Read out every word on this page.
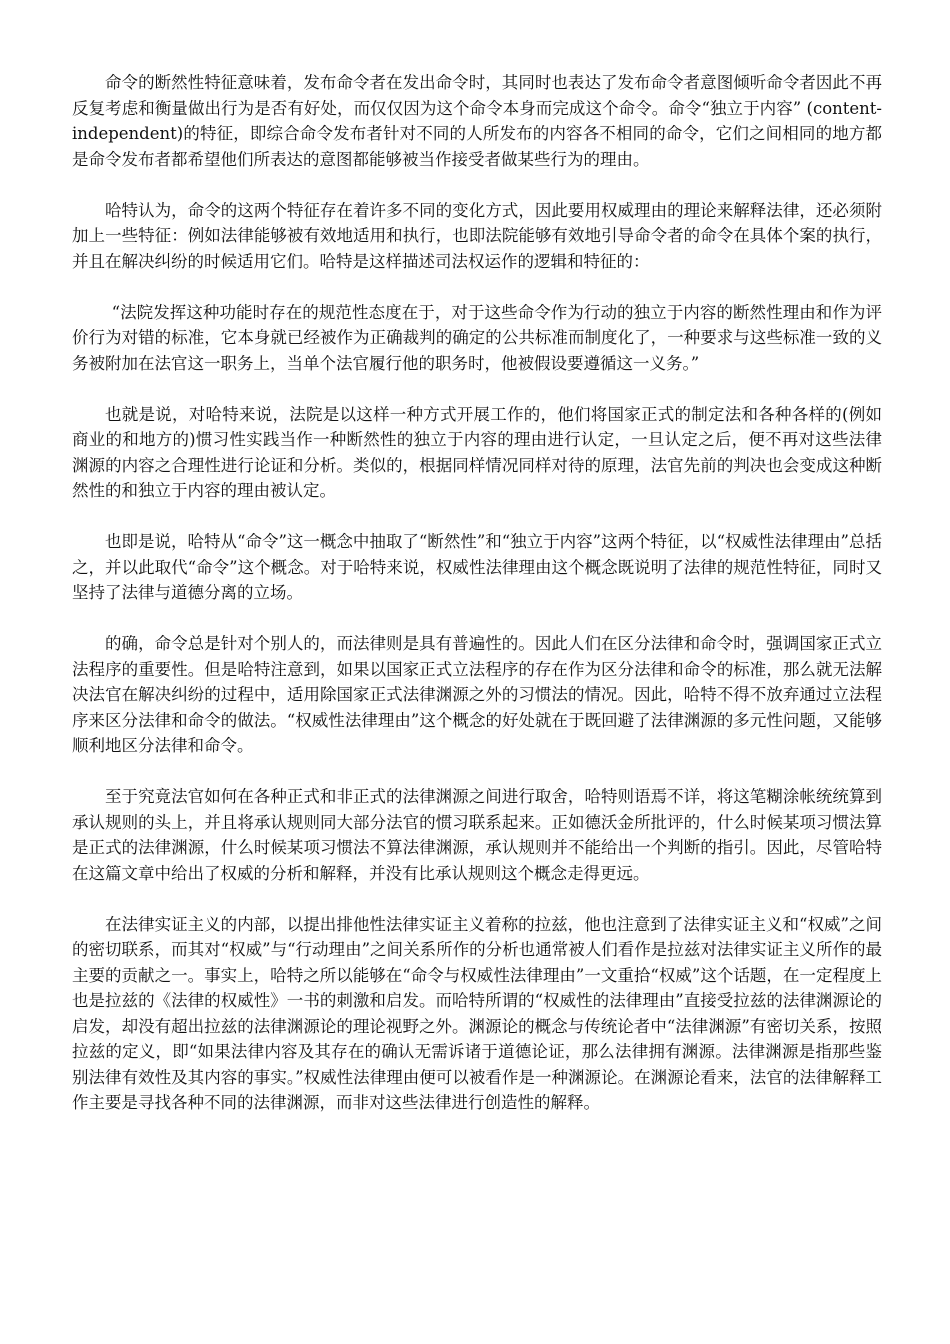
命令的断然性特征意味着，发布命令者在发出命令时，其同时也表达了发布命令者意图倾听命令者因此不再反复考虑和衡量做出行为是否有好处，而仅仅因为这个命令本身而完成这个命令。命令“独立于内容” (content-independent)的特征，即综合命令发布者针对不同的人所发布的内容各不相同的命令，它们之间相同的地方都是命令发布者都希望他们所表达的意图都能够被当作接受者做某些行为的理由。

哈特认为，命令的这两个特征存在着许多不同的变化方式，因此要用权威理由的理论来解释法律，还必须附加上一些特征：例如法律能够被有效地适用和执行，也即法院能够有效地引导命令者的命令在具体个案的执行，并且在解决纠纷的时候适用它们。哈特是这样描述司法权运作的逻辑和特征的：

“法院发挥这种功能时存在的规范性态度在于，对于这些命令作为行动的独立于内容的断然性理由和作为评价行为对错的标准，它本身就已经被作为正确裁判的确定的公共标准而制度化了，一种要求与这些标准一致的义务被附加在法官这一职务上，当单个法官履行他的职务时，他被假设要遵循这一义务。”

也就是说，对哈特来说，法院是以这样一种方式开展工作的，他们将国家正式的制定法和各种各样的(例如商业的和地方的)惯习性实践当作一种断然性的独立于内容的理由进行认定，一旦认定之后，便不再对这些法律渊源的内容之合理性进行论证和分析。类似的，根据同样情况同样对待的原理，法官先前的判决也会变成这种断然性的和独立于内容的理由被认定。

也即是说，哈特从“命令”这一概念中抽取了“断然性”和“独立于内容”这两个特征，以“权威性法律理由”总括之，并以此取代“命令”这个概念。对于哈特来说，权威性法律理由这个概念既说明了法律的规范性特征，同时又坚持了法律与道德分离的立场。

的确，命令总是针对个别人的，而法律则是具有普遍性的。因此人们在区分法律和命令时，强调国家正式立法程序的重要性。但是哈特注意到，如果以国家正式立法程序的存在作为区分法律和命令的标准，那么就无法解决法官在解决纠纷的过程中，适用除国家正式法律渊源之外的习惯法的情况。因此，哈特不得不放弃通过立法程序来区分法律和命令的做法。“权威性法律理由”这个概念的好处就在于既回避了法律渊源的多元性问题，又能够顺利地区分法律和命令。

至于究竟法官如何在各种正式和非正式的法律渊源之间进行取舍，哈特则语焉不详，将这笔糊涂帐统统算到承认规则的头上，并且将承认规则同大部分法官的惯习联系起来。正如德沃金所批评的，什么时候某项习惯法算是正式的法律渊源，什么时候某项习惯法不算法律渊源，承认规则并不能给出一个判断的指引。因此，尽管哈特在这篇文章中给出了权威的分析和解释，并没有比承认规则这个概念走得更远。

在法律实证主义的内部，以提出排他性法律实证主义着称的拉兹，他也注意到了法律实证主义和“权威”之间的密切联系，而其对“权威”与“行动理由”之间关系所作的分析也通常被人们看作是拉兹对法律实证主义所作的最主要的贡献之一。事实上，哈特之所以能够在“命令与权威性法律理由”一文重拾“权威”这个话题，在一定程度上也是拉兹的《法律的权威性》一书的刺激和启发。而哈特所谓的“权威性的法律理由”直接受拉兹的法律渊源论的启发，却没有超出拉兹的法律渊源论的理论视野之外。渊源论的概念与传统论者中“法律渊源”有密切关系，按照拉兹的定义，即“如果法律内容及其存在的确认无需诉诸于道德论证，那么法律拥有渊源。法律渊源是指那些鉴别法律有效性及其内容的事实。”权威性法律理由便可以被看作是一种渊源论。在渊源论看来，法官的法律解释工作主要是寻找各种不同的法律渊源，而非对这些法律进行创造性的解释。
